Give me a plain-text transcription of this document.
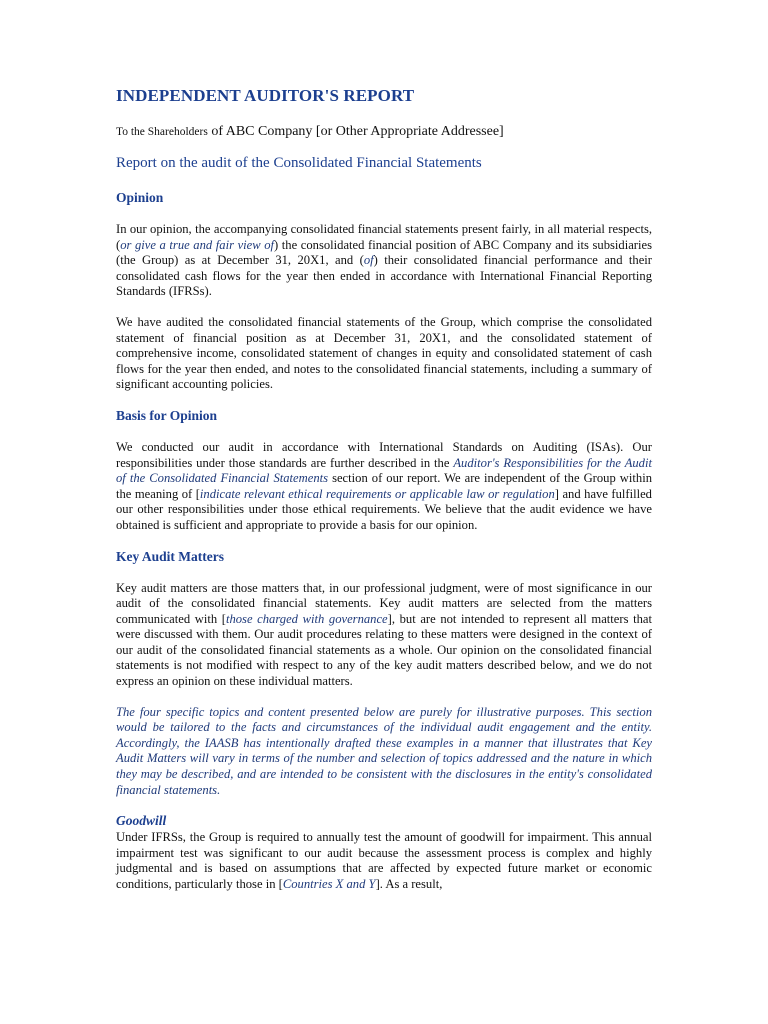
INDEPENDENT AUDITOR'S REPORT
To the Shareholders of ABC Company [or Other Appropriate Addressee]
Report on the audit of the Consolidated Financial Statements
Opinion

In our opinion, the accompanying consolidated financial statements present fairly, in all material respects, (or give a true and fair view of) the consolidated financial position of ABC Company and its subsidiaries (the Group) as at December 31, 20X1, and (of) their consolidated financial performance and their consolidated cash flows for the year then ended in accordance with International Financial Reporting Standards (IFRSs).

We have audited the consolidated financial statements of the Group, which comprise the consolidated statement of financial position as at December 31, 20X1, and the consolidated statement of comprehensive income, consolidated statement of changes in equity and consolidated statement of cash flows for the year then ended, and notes to the consolidated financial statements, including a summary of significant accounting policies.

Basis for Opinion

We conducted our audit in accordance with International Standards on Auditing (ISAs). Our responsibilities under those standards are further described in the Auditor's Responsibilities for the Audit of the Consolidated Financial Statements section of our report. We are independent of the Group within the meaning of [indicate relevant ethical requirements or applicable law or regulation] and have fulfilled our other responsibilities under those ethical requirements. We believe that the audit evidence we have obtained is sufficient and appropriate to provide a basis for our opinion.

Key Audit Matters

Key audit matters are those matters that, in our professional judgment, were of most significance in our audit of the consolidated financial statements. Key audit matters are selected from the matters communicated with [those charged with governance], but are not intended to represent all matters that were discussed with them. Our audit procedures relating to these matters were designed in the context of our audit of the consolidated financial statements as a whole. Our opinion on the consolidated financial statements is not modified with respect to any of the key audit matters described below, and we do not express an opinion on these individual matters.

The four specific topics and content presented below are purely for illustrative purposes. This section would be tailored to the facts and circumstances of the individual audit engagement and the entity. Accordingly, the IAASB has intentionally drafted these examples in a manner that illustrates that Key Audit Matters will vary in terms of the number and selection of topics addressed and the nature in which they may be described, and are intended to be consistent with the disclosures in the entity's consolidated financial statements.

Goodwill

Under IFRSs, the Group is required to annually test the amount of goodwill for impairment. This annual impairment test was significant to our audit because the assessment process is complex and highly judgmental and is based on assumptions that are affected by expected future market or economic conditions, particularly those in [Countries X and Y]. As a result,
